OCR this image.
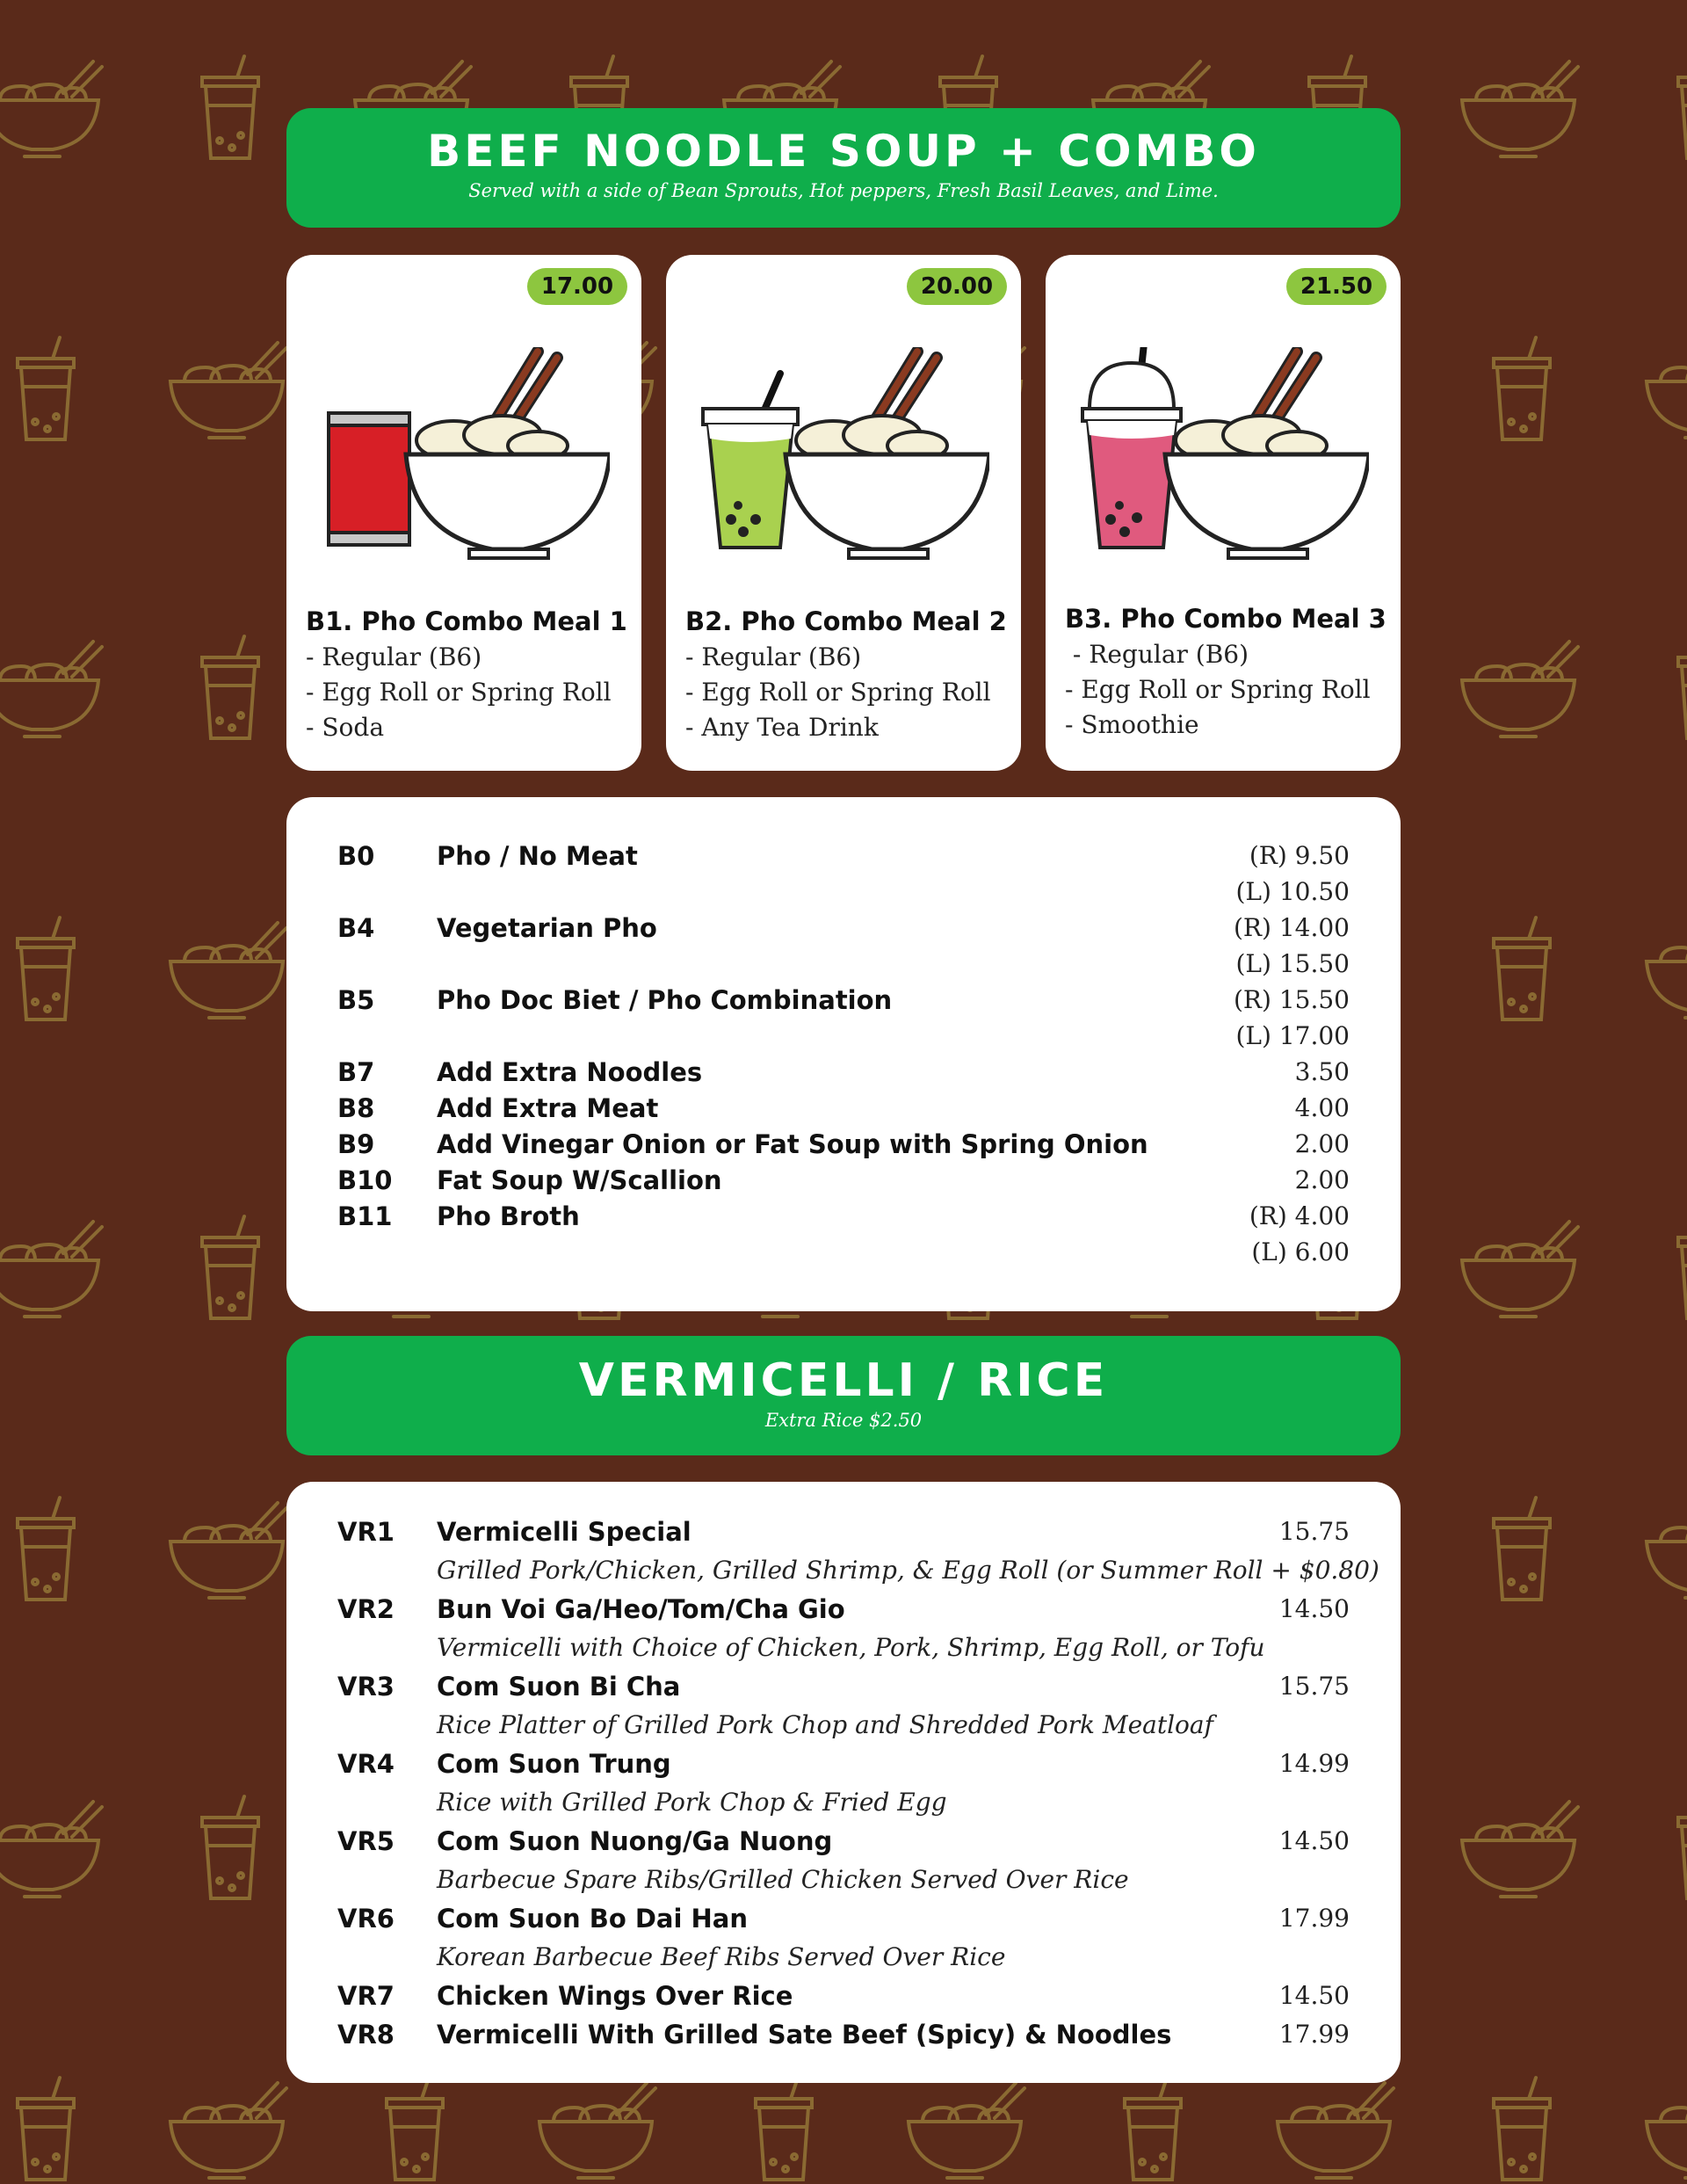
BEEF NOODLE SOUP + COMBO
Served with a side of Bean Sprouts, Hot peppers, Fresh Basil Leaves, and Lime.
17.00
B1. Pho Combo Meal 1
- Regular (B6)
- Egg Roll or Spring Roll
- Soda
20.00
B2. Pho Combo Meal 2
- Regular (B6)
- Egg Roll or Spring Roll
- Any Tea Drink
21.50
B3. Pho Combo Meal 3
- Regular (B6)
- Egg Roll or Spring Roll
- Smoothie
B0 Pho / No Meat	(R) 9.50
(L) 10.50
B4 Vegetarian Pho	(R) 14.00
(L) 15.50
B5 Pho Doc Biet / Pho Combination	(R) 15.50
(L) 17.00
B7 Add Extra Noodles	3.50
B8 Add Extra Meat	4.00
B9 Add Vinegar Onion or Fat Soup with Spring Onion	2.00
B10 Fat Soup W/Scallion	2.00
B11 Pho Broth	(R) 4.00
(L) 6.00
VERMICELLI / RICE
Extra Rice $2.50
VR1 Vermicelli Special	15.75
Grilled Pork/Chicken, Grilled Shrimp, & Egg Roll (or Summer Roll + $0.80)
VR2 Bun Voi Ga/Heo/Tom/Cha Gio	14.50
Vermicelli with Choice of Chicken, Pork, Shrimp, Egg Roll, or Tofu
VR3 Com Suon Bi Cha	15.75
Rice Platter of Grilled Pork Chop and Shredded Pork Meatloaf
VR4 Com Suon Trung	14.99
Rice with Grilled Pork Chop & Fried Egg
VR5 Com Suon Nuong/Ga Nuong	14.50
Barbecue Spare Ribs/Grilled Chicken Served Over Rice
VR6 Com Suon Bo Dai Han	17.99
Korean Barbecue Beef Ribs Served Over Rice
VR7 Chicken Wings Over Rice	14.50
VR8 Vermicelli With Grilled Sate Beef (Spicy) & Noodles	17.99
